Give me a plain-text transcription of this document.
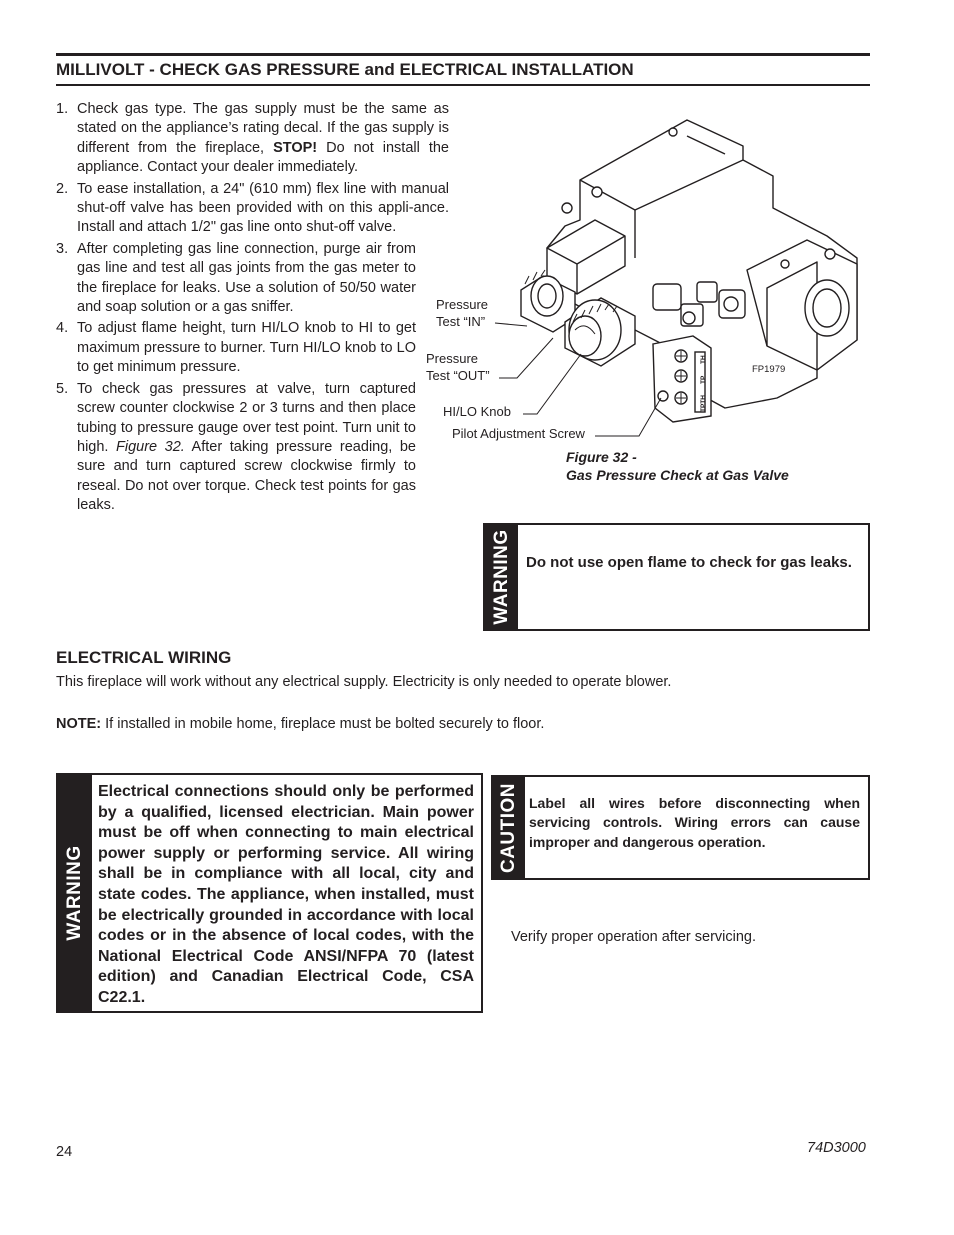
MILLIVOLT - CHECK GAS PRESSURE and ELECTRICAL INSTALLATION
1. Check gas type. The gas supply must be the same as stated on the appliance’s rating decal. If the gas supply is different from the fireplace, STOP! Do not install the appliance. Contact your dealer immediately.
2. To ease installation, a 24" (610 mm) flex line with manual shut-off valve has been provided with on this appli-ance. Install and attach 1/2" gas line onto shut-off valve.
3. After completing gas line connection, purge air from gas line and test all gas joints from the gas meter to the fireplace for leaks. Use a solution of 50/50 water and soap solution or a gas sniffer.
4. To adjust flame height, turn HI/LO knob to HI to get maximum pressure to burner. Turn HI/LO knob to LO to get minimum pressure.
5. To check gas pressures at valve, turn captured screw counter clockwise 2 or 3 turns and then place tubing to pressure gauge over test point. Turn unit to high. Figure 32. After taking pressure reading, be sure and turn captured screw clockwise firmly to reseal. Do not over torque. Check test points for gas leaks.
TH
TP
TPTH
Pressure
Test “IN”
Pressure
Test “OUT”
HI/LO Knob
Pilot Adjustment Screw
FP1979
Figure 32 -
Gas Pressure Check at Gas Valve
WARNING Do not use open flame to check for gas leaks.
ELECTRICAL WIRING
This fireplace will work without any electrical supply. Electricity is only needed to operate blower.
NOTE: If installed in mobile home, fireplace must be bolted securely to floor.
WARNING
Electrical connections should only be performed by a qualified, licensed electrician. Main power must be off when connecting to main electrical power supply or performing service. All wiring shall be in compliance with all local, city and state codes. The appliance, when installed, must be electrically grounded in accordance with local codes or in the absence of local codes, with the National Electrical Code ANSI/NFPA 70 (latest edition) and Canadian Electrical Code, CSA C22.1.
CAUTION Label all wires before disconnecting when servicing controls. Wiring errors can cause improper and dangerous operation.
Verify proper operation after servicing.
24	74D3000
